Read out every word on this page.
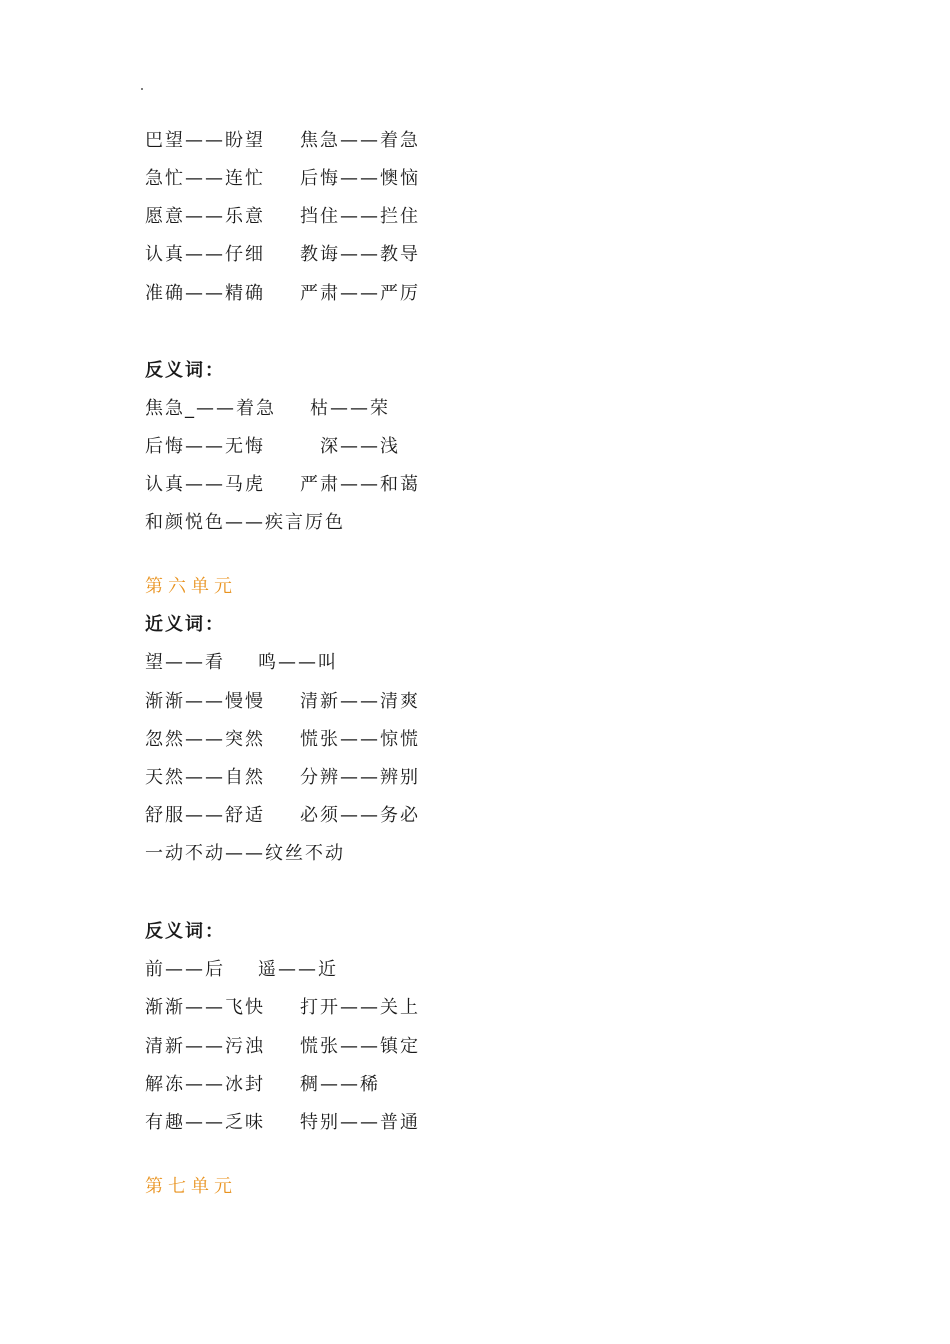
巴望——盼望 焦急——着急
急忙——连忙 后悔——懊恼
愿意——乐意 挡住——拦住
认真——仔细 教诲——教导
准确——精确 严肃——严厉
反义词：
焦急_——着急 枯——荣
后悔——无悔	深——浅
认真——马虎 严肃——和蔼
和颜悦色——疾言厉色
第六单元
近义词：
望——看 鸣——叫
渐渐——慢慢 清新——清爽
忽然——突然 慌张——惊慌
天然——自然 分辨——辨别
舒服——舒适 必须——务必
一动不动——纹丝不动
反义词：
前——后 遥——近
渐渐——飞快 打开——关上
清新——污浊 慌张——镇定
解冻——冰封 稠——稀
有趣——乏味 特别——普通
第七单元
